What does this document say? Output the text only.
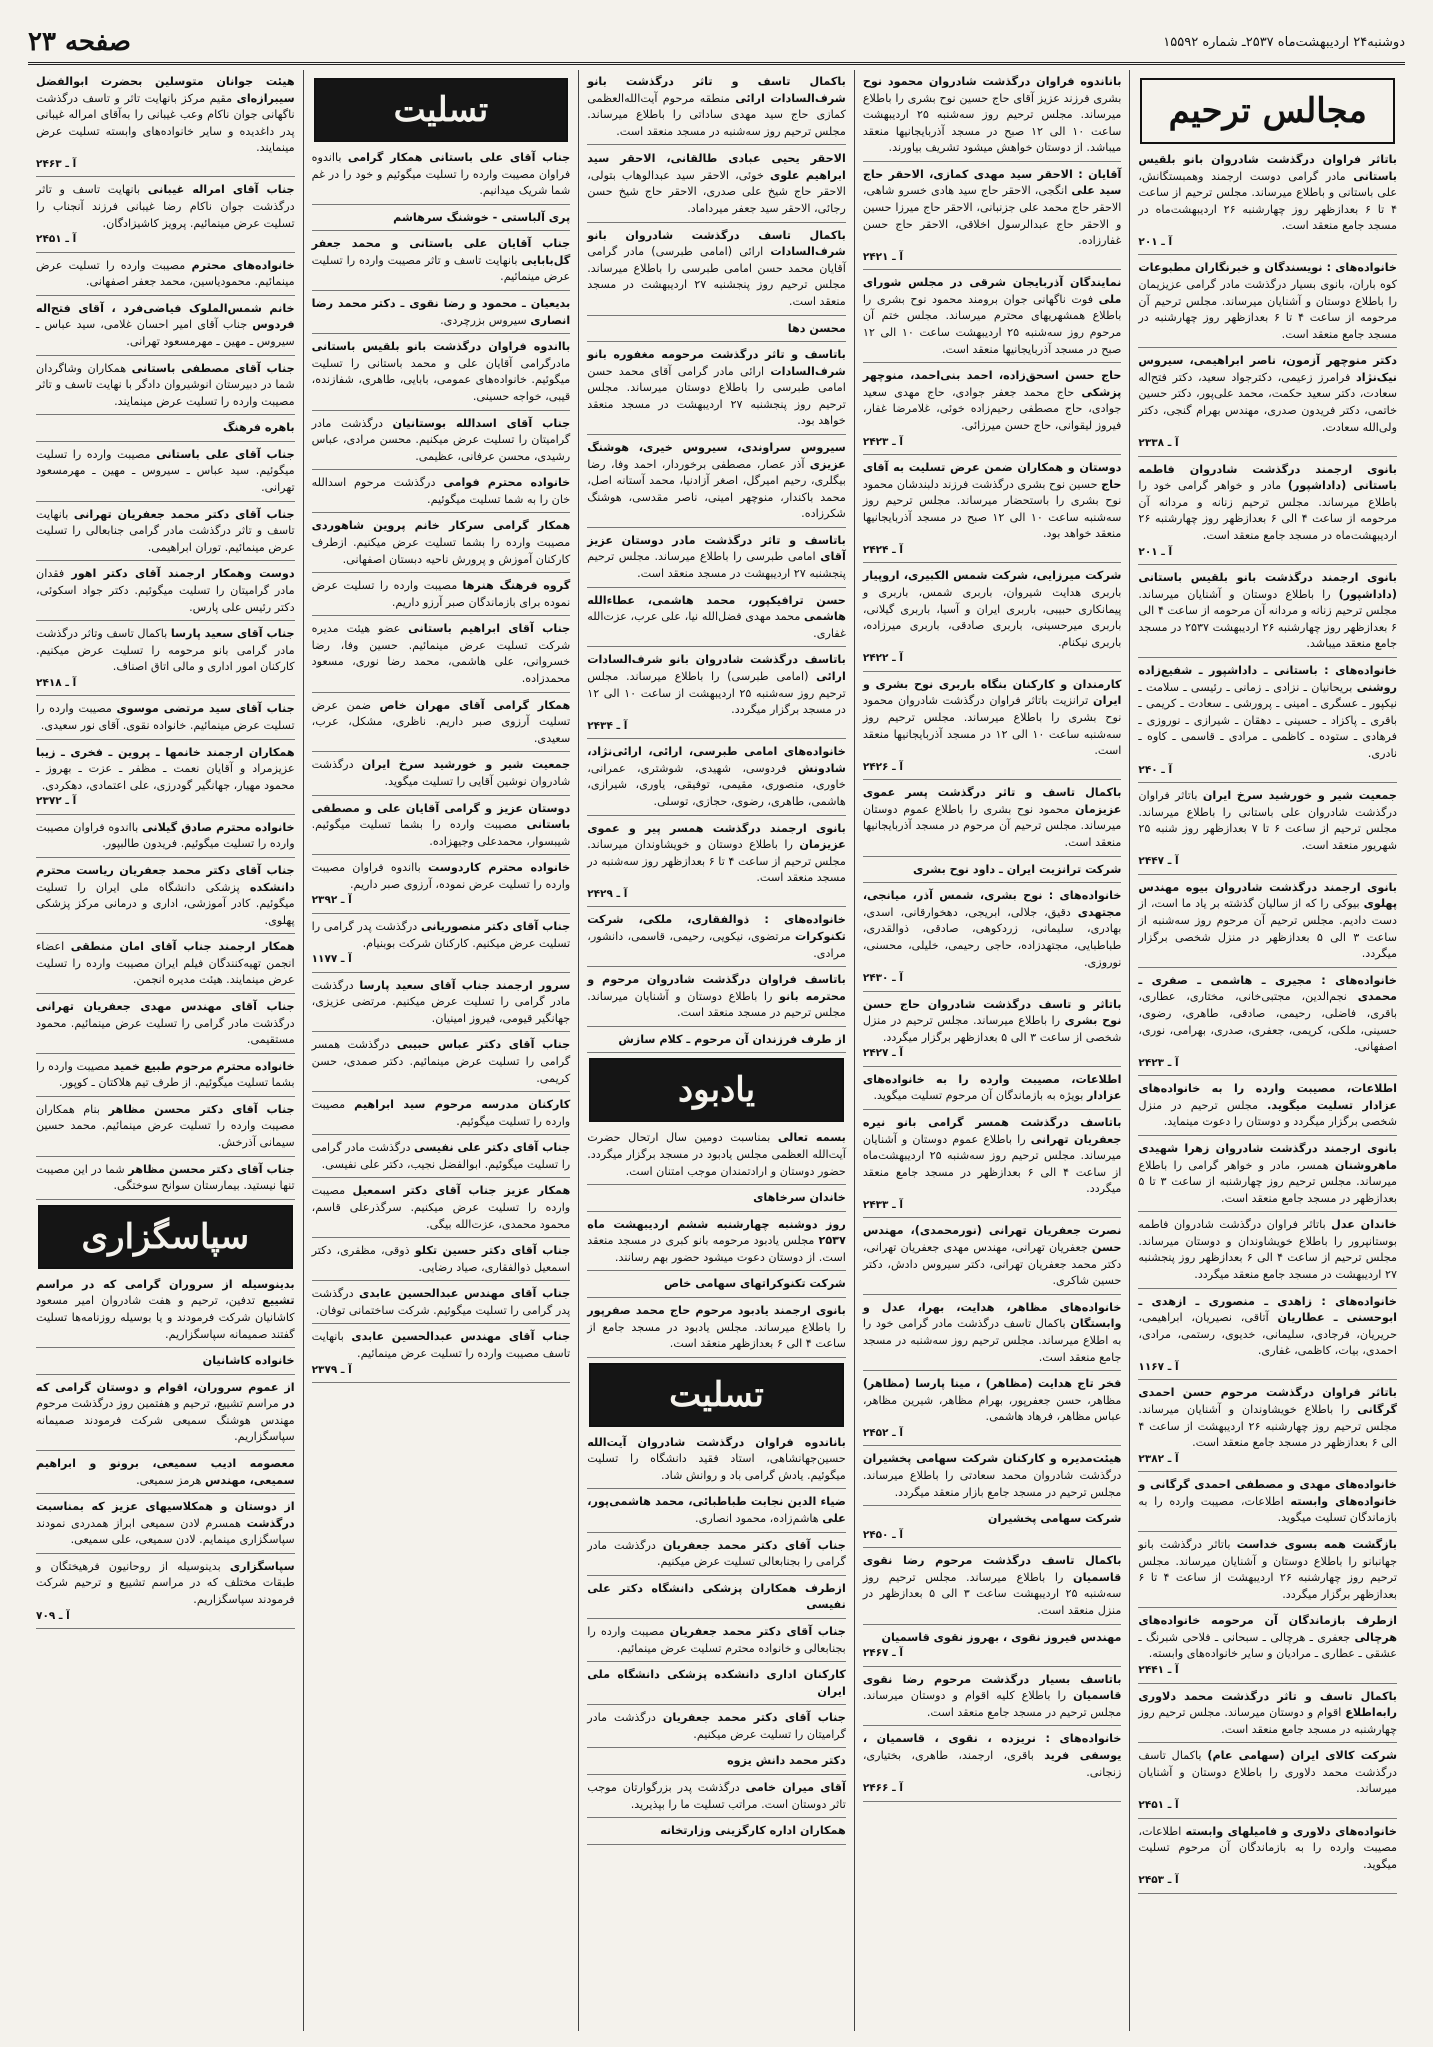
دوشنبه۲۴ اردیبهشت‌ماه ۲۵۳۷ـ شماره ۱۵۵۹۲
صفحه ۲۳
مجالس ترحیم
باتاثر فراوان درگذشت شادروان بانو بلقیس باستانی مادر گرامی دوست ارجمند وهمبستگانش، علی باستانی و باطلاع میرساند. مجلس ترحیم از ساعت ۴ تا ۶ بعدازظهر روز چهارشنبه ۲۶ اردیبهشت‌ماه در مسجد جامع منعقد است.
آ ـ ۲۰۱
خانواده‌های : نویسندگان و خبرنگاران مطبوعات کوه باران، بانوی بسیار درگذشت مادر گرامی عزیزیمان را باطلاع دوستان و آشنایان میرساند. مجلس ترحیم آن مرحومه از ساعت ۴ تا ۶ بعدازظهر روز چهارشنبه در مسجد جامع منعقد است.
دکتر منوچهر آزمون، ناصر ابراهیمی، سیروس نیک‌نژاد فرامرز زعیمی، دکترجواد سعید، دکتر فتح‌اله سعادت، دکتر سعید حکمت، محمد علی‌پور، دکتر حسین خاتمی، دکتر فریدون صدری، مهندس بهرام گنجی، دکتر ولی‌الله سعادت.
آ ـ ۲۳۳۸
بانوی ارجمند درگذشت شادروان فاطمه باستانی (داداشپور) مادر و خواهر گرامی خود را باطلاع میرساند. مجلس ترحیم زنانه و مردانه آن مرحومه از ساعت ۴ الی ۶ بعدازظهر روز چهارشنبه ۲۶ اردیبهشت‌ماه در مسجد جامع منعقد است.
آ ـ ۲۰۱
بانوی ارجمند درگذشت بانو بلقیس باستانی (داداشپور) را باطلاع دوستان و آشنایان میرساند. مجلس ترحیم زنانه و مردانه آن مرحومه از ساعت ۴ الی ۶ بعدازظهر روز چهارشنبه ۲۶ اردیبهشت ۲۵۳۷ در مسجد جامع منعقد میباشد.
خانواده‌های : باستانی ـ داداشپور ـ شفیع‌زاده روشنی بریحانیان ـ نزادی ـ زمانی ـ رئیسی ـ سلامت ـ نیکپور ـ عسگری ـ امینی ـ پرورشی ـ سعادت ـ کریمی ـ باقری ـ پاکزاد ـ حسینی ـ دهقان ـ شیرازی ـ نوروزی ـ فرهادی ـ ستوده ـ کاظمی ـ مرادی ـ قاسمی ـ کاوه ـ نادری.
آ ـ ۲۴۰
جمعیت شیر و خورشید سرخ ایران باتاثر فراوان درگذشت شادروان علی باستانی را باطلاع میرساند. مجلس ترحیم از ساعت ۶ تا ۷ بعدازظهر روز شنبه ۲۵ شهریور منعقد است.
آ ـ ۲۴۴۷
بانوی ارجمند درگذشت شادروان بیوه مهندس پهلوی بیوکی را که از سالیان گذشته بر یاد ما است، از دست دادیم. مجلس ترحیم آن مرحوم روز سه‌شنبه از ساعت ۳ الی ۵ بعدازظهر در منزل شخصی برگزار میگردد.
خانواده‌های : مجیری ـ هاشمی ـ صفری ـ محمدی نجم‌الدین، مجتبی‌خانی، مختاری، عطاری، باقری، فاضلی، رحیمی، صادقی، طاهری، رضوی، حسینی، ملکی، کریمی، جعفری، صدری، بهرامی، نوری، اصفهانی.
آ ـ ۲۴۲۳
اطلاعات، مصیبت وارده را به خانواده‌های عزادار تسلیت میگوید. مجلس ترحیم در منزل شخصی برگزار میگردد و دوستان را دعوت مینماید.
بانوی ارجمند درگذشت شادروان زهرا شهیدی ماهروشنان همسر، مادر و خواهر گرامی را باطلاع میرساند. مجلس ترحیم روز چهارشنبه از ساعت ۳ تا ۵ بعدازظهر در مسجد جامع منعقد است.
خاندان عدل باتاثر فراوان درگذشت شادروان فاطمه بوستانپرور را باطلاع خویشاوندان و دوستان میرساند. مجلس ترحیم از ساعت ۴ الی ۶ بعدازظهر روز پنجشنبه ۲۷ اردیبهشت در مسجد جامع منعقد میگردد.
خانواده‌های : زاهدی ـ منصوری ـ ازهدی ـ ابوحسنی ـ عطاریان آتاقی، نصیریان، ابراهیمی، حریریان، فرجادی، سلیمانی، خدیوی، رستمی، مرادی، احمدی، بیات، کاظمی، غفاری.
آ ـ ۱۱۶۷
باتاثر فراوان درگذشت مرحوم حسن احمدی گرگانی را باطلاع خویشاوندان و آشنایان میرساند. مجلس ترحیم روز چهارشنبه ۲۶ اردیبهشت از ساعت ۴ الی ۶ بعدازظهر در مسجد جامع منعقد است.
آ ـ ۲۳۸۲
خانواده‌های مهدی و مصطفی احمدی گرگانی و خانواده‌های وابسته اطلاعات، مصیبت وارده را به بازماندگان تسلیت میگوید.
بازگشت همه بسوی خداست باتاثر درگذشت بانو جهانبانو را باطلاع دوستان و آشنایان میرساند. مجلس ترحیم روز چهارشنبه ۲۶ اردیبهشت از ساعت ۴ تا ۶ بعدازظهر برگزار میگردد.
ازطرف بازماندگان آن مرحومه خانواده‌های هرچالی جعفری ـ هرچالی ـ سبحانی ـ فلاحی شبرنگ ـ عشقی ـ عطاری ـ مرادیان و سایر خانواده‌های وابسته.
آ ـ ۲۴۴۱
باکمال تاسف و تاثر درگذشت محمد دلاوری رابه‌اطلاع اقوام و دوستان میرساند. مجلس ترحیم روز چهارشنبه در مسجد جامع منعقد است.
شرکت کالای ایران (سهامی عام) باکمال تاسف درگذشت محمد دلاوری را باطلاع دوستان و آشنایان میرساند.
آ ـ ۲۴۵۱
خانواده‌های دلاوری و فامیلهای وابسته اطلاعات، مصیبت وارده را به بازماندگان آن مرحوم تسلیت میگوید.
آ ـ ۲۴۵۳
باناندوه فراوان درگذشت شادروان محمود نوح بشری فرزند عزیز آقای حاج حسین نوح بشری را باطلاع میرساند. مجلس ترحیم روز سه‌شنبه ۲۵ اردیبهشت ساعت ۱۰ الی ۱۲ صبح در مسجد آذربایجانیها منعقد میباشد. از دوستان خواهش میشود تشریف بیاورند.
آقایان : الاحقر سید مهدی کمازی، الاحقر حاج سید علی انگجی، الاحقر حاج سید هادی خسرو شاهی، الاحقر حاج محمد علی جزنبانی، الاحقر حاج میرزا حسین و الاحقر حاج عبدالرسول اخلاقی، الاحقر حاج حسن غفارزاده.
آ ـ ۲۴۲۱
نمایندگان آذربایجان شرقی در مجلس شورای ملی فوت ناگهانی جوان برومند محمود نوح بشری را باطلاع همشهریهای محترم میرساند. مجلس ختم آن مرحوم روز سه‌شنبه ۲۵ اردیبهشت ساعت ۱۰ الی ۱۲ صبح در مسجد آذربایجانیها منعقد است.
حاج حسن اسحق‌زاده، احمد بنی‌احمد، منوچهر پزشکی حاج محمد جعفر جوادی، حاج مهدی سعید جوادی، حاج مصطفی رحیم‌زاده خوئی، غلامرضا غفار، فیروز لیقوانی، حاج حسن میرزائی.
آ ـ ۲۴۲۳
دوستان و همکاران ضمن عرض تسلیت به آقای حاج حسین نوح بشری درگذشت فرزند دلبندشان محمود نوح بشری را باستحضار میرساند. مجلس ترحیم روز سه‌شنبه ساعت ۱۰ الی ۱۲ صبح در مسجد آذربایجانیها منعقد خواهد بود.
آ ـ ۲۴۲۴
شرکت میرزایی، شرکت شمس الکبیری، اروپیار باربری هدایت شیروان، باربری شمس، باربری و پیمانکاری حبیبی، باربری ایران و آسیا، باربری گیلانی، باربری میرحسینی، باربری صادقی، باربری میرزاده، باربری نیکنام.
آ ـ ۲۴۲۲
کارمندان و کارکنان بنگاه باربری نوح بشری و ایران ترانزیت باتاثر فراوان درگذشت شادروان محمود نوح بشری را باطلاع میرساند. مجلس ترحیم روز سه‌شنبه ساعت ۱۰ الی ۱۲ در مسجد آذربایجانیها منعقد است.
آ ـ ۲۴۲۶
باکمال تاسف و تاثر درگذشت پسر عموی عزیزمان محمود نوح بشری را باطلاع عموم دوستان میرساند. مجلس ترحیم آن مرحوم در مسجد آذربایجانیها منعقد است.
شرکت ترانزیت ایران ـ داود نوح بشری
خانواده‌های : نوح بشری، شمس آذر، میانجی، مجتهدی دقیق، جلالی، ابریجی، دهخوارقانی، اسدی، بهادری، سلیمانی، زردکوهی، صادقی، ذوالقدری، طباطبایی، مجتهدزاده، حاجی رحیمی، خلیلی، محسنی، نوروزی.
آ ـ ۲۴۳۰
باتاثر و تاسف درگذشت شادروان حاج حسن نوح بشری را باطلاع میرساند. مجلس ترحیم در منزل شخصی از ساعت ۳ الی ۵ بعدازظهر برگزار میگردد.
آ ـ ۲۴۲۷
اطلاعات، مصیبت وارده را به خانواده‌های عزادار بویژه به بازماندگان آن مرحوم تسلیت میگوید.
باتاسف درگذشت همسر گرامی بانو نیره جعفریان تهرانی را باطلاع عموم دوستان و آشنایان میرساند. مجلس ترحیم روز سه‌شنبه ۲۵ اردیبهشت‌ماه از ساعت ۴ الی ۶ بعدازظهر در مسجد جامع منعقد میگردد.
آ ـ ۲۴۳۳
نصرت جعفریان تهرانی (نورمحمدی)، مهندس حسن جعفریان تهرانی، مهندس مهدی جعفریان تهرانی، دکتر محمد جعفریان تهرانی، دکتر سیروس دادش، دکتر حسین شاکری.
خانواده‌های مظاهر، هدایت، بهرا، عدل و وابستگان باکمال تاسف درگذشت مادر گرامی خود را به اطلاع میرساند. مجلس ترحیم روز سه‌شنبه در مسجد جامع منعقد است.
فخر تاج هدایت (مظاهر) ، مینا پارسا (مظاهر) مظاهر، حسن جعفرپور، بهرام مظاهر، شیرین مظاهر، عباس مظاهر، فرهاد هاشمی.
آ ـ ۲۴۵۲
هیئت‌مدیره و کارکنان شرکت سهامی پخشیران درگذشت شادروان محمد سعادتی را باطلاع میرساند. مجلس ترحیم در مسجد جامع بازار منعقد میگردد.
شرکت سهامی پخشیران
آ ـ ۲۴۵۰
باکمال تاسف درگذشت مرحوم رضا نقوی قاسمیان را باطلاع میرساند. مجلس ترحیم روز سه‌شنبه ۲۵ اردیبهشت ساعت ۳ الی ۵ بعدازظهر در منزل منعقد است.
مهندس فیروز نقوی ، بهروز نقوی قاسمیان
آ ـ ۲۴۶۷
باتاسف بسیار درگذشت مرحوم رضا نقوی قاسمیان را باطلاع کلیه اقوام و دوستان میرساند. مجلس ترحیم در مسجد جامع منعقد است.
خانواده‌های : نریزده ، نقوی ، قاسمیان ، یوسفی فرید باقری، ارجمند، طاهری، بختیاری، زنجانی.
آ ـ ۲۴۶۶
باکمال تاسف و تاثر درگذشت بانو شرف‌السادات ارائی منطقه مرحوم آیت‌الله‌العظمی کمازی حاج سید مهدی ساداتی را باطلاع میرساند. مجلس ترحیم روز سه‌شنبه در مسجد منعقد است.
الاحقر یحیی عبادی طالقانی، الاحقر سید ابراهیم علوی خوئی، الاحقر سید عبدالوهاب بتولی، الاحقر حاج شیخ علی صدری، الاحقر حاج شیخ حسن رجائی، الاحقر سید جعفر میرداماد.
باکمال تاسف درگذشت شادروان بانو شرف‌السادات ارائی (امامی طبرسی) مادر گرامی آقایان محمد حسن امامی طبرسی را باطلاع میرساند. مجلس ترحیم روز پنجشنبه ۲۷ اردیبهشت در مسجد منعقد است.
محسن دها
باتاسف و تاثر درگذشت مرحومه مغفوره بانو شرف‌السادات ارائی مادر گرامی آقای محمد حسن امامی طبرسی را باطلاع دوستان میرساند. مجلس ترحیم روز پنجشنبه ۲۷ اردیبهشت در مسجد منعقد خواهد بود.
سیروس سراوندی، سیروس خیری، هوشنگ عزیزی آذر عصار، مصطفی برخوردار، احمد وفا، رضا بیگلری، رحیم امیرگل، اصغر آزادنیا، محمد آستانه اصل، محمد باکندار، منوچهر امینی، ناصر مقدسی، هوشنگ شکرزاده.
باتاسف و تاثر درگذشت مادر دوستان عزیز آقای امامی طبرسی را باطلاع میرساند. مجلس ترحیم پنجشنبه ۲۷ اردیبهشت در مسجد منعقد است.
حسن ترافیکپور، محمد هاشمی، عطاءالله هاشمی محمد مهدی فضل‌الله نیا، علی عرب، عزت‌الله غفاری.
باتاسف درگذشت شادروان بانو شرف‌السادات ارائی (امامی طبرسی) را باطلاع میرساند. مجلس ترحیم روز سه‌شنبه ۲۵ اردیبهشت از ساعت ۱۰ الی ۱۲ در مسجد برگزار میگردد.
آ ـ ۲۴۳۴
خانواده‌های امامی طبرسی، ارائی، ارائی‌نژاد، شادونش فردوسی، شهیدی، شوشتری، عمرانی، خاوری، منصوری، مقیمی، توفیقی، یاوری، شیرازی، هاشمی، طاهری، رضوی، حجازی، توسلی.
بانوی ارجمند درگذشت همسر پیر و عموی عزیزمان را باطلاع دوستان و خویشاوندان میرساند. مجلس ترحیم از ساعت ۴ تا ۶ بعدازظهر روز سه‌شنبه در مسجد منعقد است.
آ ـ ۲۴۲۹
خانواده‌های : ذوالفقاری، ملکی، شرکت تکنوکرات مرتضوی، نیکویی، رحیمی، قاسمی، دانشور، مرادی.
باتاسف فراوان درگذشت شادروان مرحوم و محترمه بانو را باطلاع دوستان و آشنایان میرساند. مجلس ترحیم در مسجد منعقد است.
از طرف فرزندان آن مرحوم ـ کلام سازش
یادبود
بسمه تعالی بمناسبت دومین سال ارتحال حضرت آیت‌الله العظمی مجلس یادبود در مسجد برگزار میگردد. حضور دوستان و ارادتمندان موجب امتنان است.
خاندان سرخاهای
روز دوشنبه چهارشنبه ششم اردیبهشت ماه ۲۵۳۷ مجلس یادبود مرحومه بانو کبری در مسجد منعقد است. از دوستان دعوت میشود حضور بهم رسانند.
شرکت تکنوکراتهای سهامی خاص
بانوی ارجمند یادبود مرحوم حاج محمد صفرپور را باطلاع میرساند. مجلس یادبود در مسجد جامع از ساعت ۴ الی ۶ بعدازظهر منعقد است.
تسلیت
باناندوه فراوان درگذشت شادروان آیت‌الله حسین‌جهانشاهی، استاد فقید دانشگاه را تسلیت میگوئیم. یادش گرامی باد و روانش شاد.
ضیاء الدین نجابت طباطبائی، محمد هاشمی‌پور، علی هاشم‌زاده، محمود انصاری.
جناب آقای دکتر محمد جعفریان درگذشت مادر گرامی را بجنابعالی تسلیت عرض میکنیم.
ازطرف همکاران پزشکی دانشگاه دکتر علی نفیسی
جناب آقای دکتر محمد جعفریان مصیبت وارده را بجنابعالی و خانواده محترم تسلیت عرض مینمائیم.
کارکنان اداری دانشکده پزشکی دانشگاه ملی ایران
جناب آقای دکتر محمد جعفریان درگذشت مادر گرامیتان را تسلیت عرض میکنیم.
دکتر محمد دانش یزوه
آقای میران خامی درگذشت پدر بزرگوارتان موجب تاثر دوستان است. مراتب تسلیت ما را بپذیرید.
همکاران اداره کارگزینی وزارتخانه
تسلیت
جناب آقای علی باستانی همکار گرامی بااندوه فراوان مصیبت وارده را تسلیت میگوئیم و خود را در غم شما شریک میدانیم.
پری آلباستی - خوشنگ سرهاشم
جناب آقایان علی باستانی و محمد جعفر گل‌بابایی بانهایت تاسف و تاثر مصیبت وارده را تسلیت عرض مینمائیم.
بدیعیان ـ محمود و رضا نقوی ـ دکتر محمد رضا انصاری سیروس بزرچردی.
بااندوه فراوان درگذشت بانو بلقیس باستانی مادرگرامی آقایان علی و محمد باستانی را تسلیت میگوئیم. خانواده‌های عمومی، بابایی، طاهری، شفازنده، قیبی، خواجه حسینی.
جناب آقای اسدالله بوستانیان درگذشت مادر گرامیتان را تسلیت عرض میکنیم. محسن مرادی، عباس رشیدی، محسن عرفانی، عظیمی.
خانواده محترم فوامی درگذشت مرحوم اسدالله خان را به شما تسلیت میگوئیم.
همکار گرامی سرکار خانم پروین شاهوردی مصیبت وارده را بشما تسلیت عرض میکنیم. ازطرف کارکنان آموزش و پرورش ناحیه دبستان اصفهانی.
گروه فرهنگ هنرها مصیبت وارده را تسلیت عرض نموده برای بازماندگان صبر آرزو داریم.
جناب آقای ابراهیم باستانی عضو هیئت مدیره شرکت تسلیت عرض مینمائیم. حسین وفا، رضا خسروانی، علی هاشمی، محمد رضا نوری، مسعود محمدزاده.
همکار گرامی آقای مهران خاص ضمن عرض تسلیت آرزوی صبر داریم. ناظری، مشکل، عرب، سعیدی.
جمعیت شیر و خورشید سرخ ایران درگذشت شادروان نوشین آقایی را تسلیت میگوید.
دوستان عزیز و گرامی آقایان علی و مصطفی باستانی مصیبت وارده را بشما تسلیت میگوئیم. شیبسوار، محمدعلی وجیهزاده.
خانواده محترم کاردوست بااندوه فراوان مصیبت وارده را تسلیت عرض نموده، آرزوی صبر داریم.
آ ـ ۲۳۹۲
جناب آقای دکتر منصوریانی درگذشت پدر گرامی را تسلیت عرض میکنیم. کارکنان شرکت بوبنیام.
آ ـ ۱۱۷۷
سرور ارجمند جناب آقای سعید پارسا درگذشت مادر گرامی را تسلیت عرض میکنیم. مرتضی عزیزی، جهانگیر قیومی، فیروز امینیان.
جناب آقای دکتر عباس حبیبی درگذشت همسر گرامی را تسلیت عرض مینمائیم. دکتر صمدی، حسن کریمی.
کارکنان مدرسه مرحوم سید ابراهیم مصیبت وارده را تسلیت میگوئیم.
جناب آقای دکتر علی نفیسی درگذشت مادر گرامی را تسلیت میگوئیم. ابوالفضل نجیب، دکتر علی نفیسی.
همکار عزیز جناب آقای دکتر اسمعیل مصیبت وارده را تسلیت عرض میکنیم. سرگذرعلی قاسم، محمود محمدی، عزت‌الله بیگی.
جناب آقای دکتر حسین تکلو ذوقی، مظفری، دکتر اسمعیل ذوالفقاری، صیاد رضایی.
جناب آقای مهندس عبدالحسین عابدی درگذشت پدر گرامی را تسلیت میگوئیم. شرکت ساختمانی توفان.
جناب آقای مهندس عبدالحسین عابدی بانهایت تاسف مصیبت وارده را تسلیت عرض مینمائیم.
آ ـ ۲۳۷۹
هیئت جوانان متوسلین بحضرت ابوالفضل‌ سیبرازه‌ای مقیم مرکز بانهایت تاثر و تاسف درگذشت ناگهانی جوان ناکام وعب غیبانی را به‌آقای امراله غیبانی پدر داغدیده و سایر خانواده‌های وابسته تسلیت عرض مینمایند.
آ ـ ۲۴۶۳
جناب آقای امراله غیبانی بانهایت تاسف و تاثر درگذشت جوان ناکام رضا غیبانی فرزند آنجناب را تسلیت عرض مینمائیم. پرویز کاشیزادگان.
آ ـ ۲۴۵۱
خانواده‌های محترم مصیبت وارده را تسلیت عرض مینمائیم. محمودیاسین، محمد جعفر اصفهانی.
خانم شمس‌الملوک فیاضی‌فرد ، آقای فتح‌اله فردوس جناب آقای امیر احسان غلامی، سید عباس ـ سیروس ـ مهین ـ مهرمسعود تهرانی.
جناب آقای مصطفی باستانی همکاران وشاگردان شما در دبیرستان انوشیروان دادگر با نهایت تاسف و تاثر مصیبت وارده را تسلیت عرض مینمایند.
باهره فرهنگ
جناب آقای علی باستانی مصیبت وارده را تسلیت میگوئیم. سید عباس ـ سیروس ـ مهین ـ مهرمسعود تهرانی.
جناب آقای دکتر محمد جعفریان تهرانی بانهایت تاسف و تاثر درگذشت مادر گرامی جنابعالی را تسلیت عرض مینمائیم. توران ابراهیمی.
دوست وهمکار ارجمند آقای دکتر اهور فقدان مادر گرامیتان را تسلیت میگوئیم. دکتر جواد اسکوئی، دکتر رئیس علی پارس.
جناب آقای سعید پارسا باکمال تاسف وتاثر درگذشت مادر گرامی بانو مرحومه را تسلیت عرض میکنیم. کارکنان امور اداری و مالی اتاق اصناف.
آ ـ ۲۴۱۸
جناب آقای سید مرتضی موسوی مصیبت وارده را تسلیت عرض مینمائیم. خانواده نقوی. آقای نور سعیدی.
همکاران ارجمند خانمها ـ پروین ـ فخری ـ زیبا عزیزمراد و آقایان نعمت ـ مظفر ـ عزت ـ بهروز ـ محمود مهیار، جهانگیر گودرزی، علی اعتمادی، دهکردی.
آ ـ ۲۳۷۲
خانواده محترم صادق گیلانی بااندوه فراوان مصیبت وارده را تسلیت میگوئیم. فریدون طالبپور.
جناب آقای دکتر محمد جعفریان ریاست محترم دانشکده پزشکی دانشگاه ملی ایران را تسلیت میگوئیم. کادر آموزشی، اداری و درمانی مرکز پزشکی پهلوی.
همکار ارجمند جناب آقای امان منطقی اعضاء انجمن تهیه‌کنندگان فیلم ایران مصیبت وارده را تسلیت عرض مینمایند. هیئت مدیره انجمن.
جناب آقای مهندس مهدی جعفریان تهرانی درگذشت مادر گرامی را تسلیت عرض مینمائیم. محمود مستقیمی.
خانواده محترم مرحوم طبیع خمید مصیبت وارده را بشما تسلیت میگوئیم. از طرف تیم هلاکتان ـ کوپور.
جناب آقای دکتر محسن مظاهر بنام همکاران مصیبت وارده را تسلیت عرض مینمائیم. محمد حسین سیمانی آذرخش.
جناب آقای دکتر محسن مظاهر شما در این مصیبت تنها نیستید. بیمارستان سوانح سوختگی.
سپاسگزاری
بدینوسیله از سروران گرامی که در مراسم تشییع تدفین، ترحیم و هفت شادروان امیر مسعود کاشانیان شرکت فرمودند و یا بوسیله روزنامه‌ها تسلیت گفتند صمیمانه سپاسگزاریم.
خانواده کاشانیان
از عموم سروران، اقوام و دوستان گرامی که در مراسم تشییع، ترحیم و هفتمین روز درگذشت مرحوم مهندس هوشنگ سمیعی شرکت فرمودند صمیمانه سپاسگزاریم.
معصومه ادیب سمیعی، برونو و ابراهیم سمیعی، مهندس هرمز سمیعی.
از دوستان و همکلاسیهای عزیز که بمناسبت درگذشت همسرم لادن سمیعی ابراز همدردی نمودند سپاسگزاری مینمایم. لادن سمیعی، علی سمیعی.
سپاسگزاری بدینوسیله از روحانیون فرهیختگان و طبقات مختلف که در مراسم تشییع و ترحیم شرکت فرمودند سپاسگزاریم.
آ ـ ۷۰۹
